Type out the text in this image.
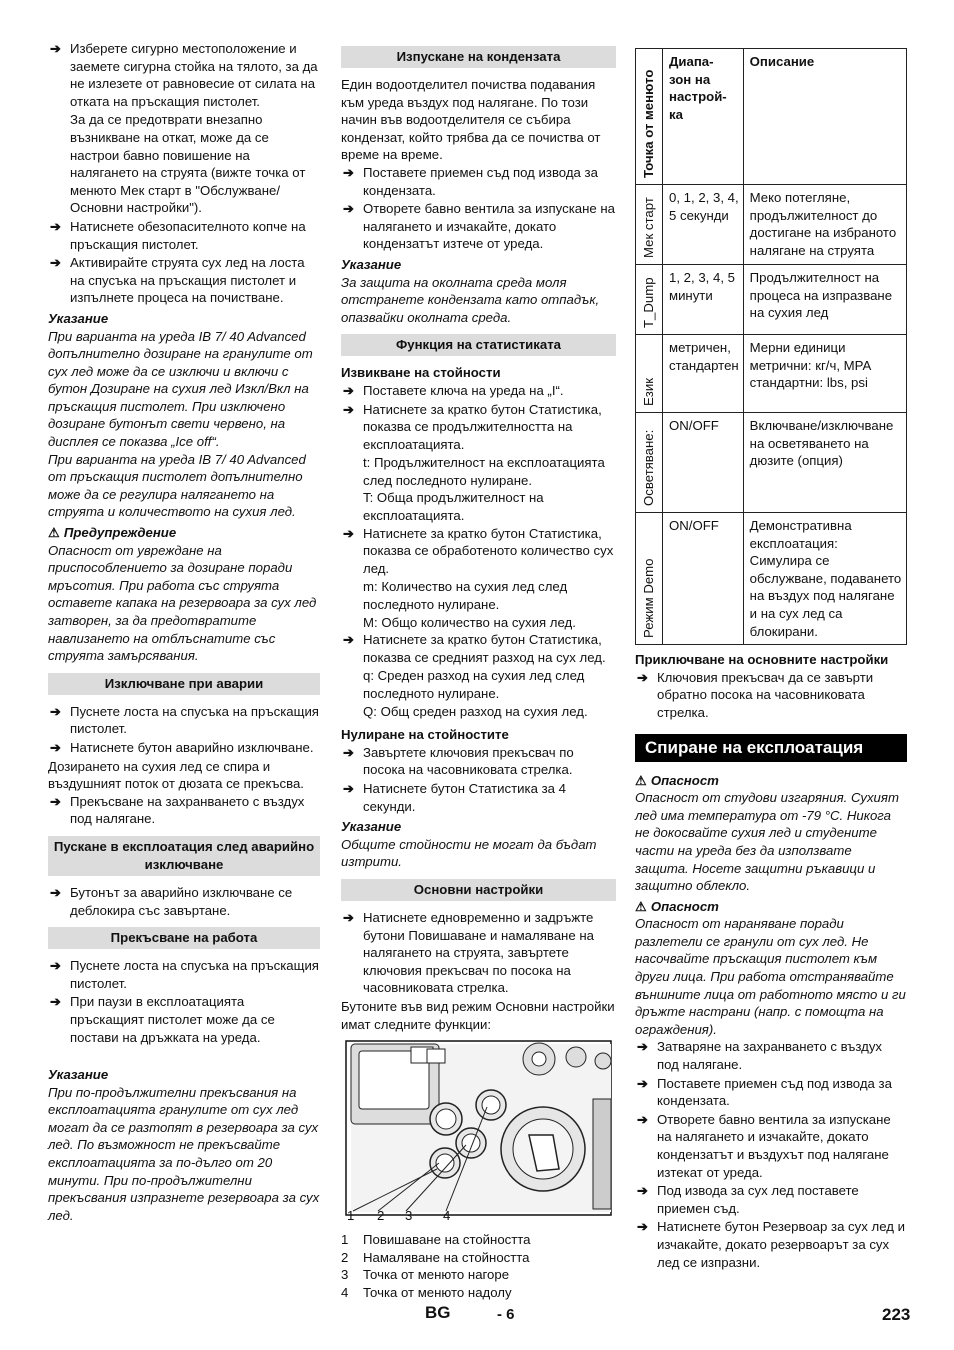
➔ Изберете сигурно местоположение и заемете сигурна стойка на тялото, за да не излезете от равновесие от силата на отката на пръскащия пистолет.
За да се предотврати внезапно възникване на откат, може да се настрои бавно повишение на налягането на струята (вижте точка от менюто Мек старт в "Обслужване/Основни настройки").
➔ Натиснете обезопасителното копче на пръскащия пистолет.
➔ Активирайте струята сух лед на лоста на спусъка на пръскащия пистолет и изпълнете процеса на почистване.
Указание
При варианта на уреда IB 7/ 40 Advanced допълнително дозиране на гранулите от сух лед може да се изключи и включи с бутон Дозиране на сухия лед Изкл/Вкл на пръскащия пистолет. При изключено дозиране бутонът свети червено, на дисплея се показва „Ice off“.
При варианта на уреда IB 7/ 40 Advanced от пръскащия пистолет допълнително може да се регулира налягането на струята и количеството на сухия лед.
⚠ Предупреждение
Опасност от увреждане на приспособлението за дозиране поради мръсотия. При работа със струята оставете капака на резервоара за сух лед затворен, за да предотвратите навлизането на отблъснатите със струята замърсявания.
Изключване при аварии
➔ Пуснете лоста на спусъка на пръскащия пистолет.
➔ Натиснете бутон аварийно изключване.
Дозирането на сухия лед се спира и въздушният поток от дюзата се прекъсва.
➔ Прекъсване на захранването с въздух под налягане.
Пускане в експлоатация след аварийно изключване
➔ Бутонът за аварийно изключване се деблокира със завъртане.
Прекъсване на работа
➔ Пуснете лоста на спусъка на пръскащия пистолет.
➔ При паузи в експлоатацията пръскащият пистолет може да се постави на дръжката на уреда.
Указание
При по-продължителни прекъсвания на експлоатацията гранулите от сух лед могат да се разтопят в резервоара за сух лед. По възможност не прекъсвайте експлоатацията за по-дълго от 20 минути. При по-продължителни прекъсвания изпразнете резервоара за сух лед.
Изпускане на кондензата
Един водоотделител почиства подавания към уреда въздух под налягане. По този начин във водоотделителя се събира кондензат, който трябва да се почиства от време на време.
➔ Поставете приемен съд под извода за кондензата.
➔ Отворете бавно вентила за изпускане на налягането и изчакайте, докато кондензатът изтече от уреда.
Указание
За защита на околната среда моля отстранете кондензата като отпадък, опазвайки околната среда.
Функция на статистиката
Извикване на стойности
➔ Поставете ключа на уреда на „I“.
➔ Натиснете за кратко бутон Статистика, показва се продължителността на експлоатацията.
t: Продължителност на експлоатацията след последното нулиране.
T: Обща продължителност на експлоатацията.
➔ Натиснете за кратко бутон Статистика, показва се обработеното количество сух лед.
m: Количество на сухия лед след последното нулиране.
M: Общо количество на сухия лед.
➔ Натиснете за кратко бутон Статистика, показва се средният разход на сух лед.
q: Среден разход на сухия лед след последното нулиране.
Q: Общ среден разход на сухия лед.
Нулиране на стойностите
➔ Завъртете ключовия прекъсвач по посока на часовниковата стрелка.
➔ Натиснете бутон Статистика за 4 секунди.
Указание
Общите стойности не могат да бъдат изтрити.
Основни настройки
➔ Натиснете едновременно и задръжте бутони Повишаване и намаляване на налягането на струята, завъртете ключовия прекъсвач по посока на часовниковата стрелка.
Бутоните във вид режим Основни настройки имат следните функции:
1 2 3 4
1 Повишаване на стойността
2 Намаляване на стойността
3 Точка от менюто нагоре
4 Точка от менюто надолу
Точка от менюто	Диапа-
зон на
настрой-
ка	Описание

Мек старт	0, 1, 2, 3, 4, 5 секунди	Меко потегляне, продължителност до достигане на избраното налягане на струята

T_Dump	1, 2, 3, 4, 5 минути	Продължителност на процеса на изпразване на сухия лед

Език	метричен, стандартен	Мерни единици метрични: кг/ч, MPA стандартни: lbs, psi

Осветяване:	ON/OFF	Включване/изключване на осветяването на дюзите (опция)

Режим Demo	ON/OFF	Демонстративна експлоатация: Симулира се обслужване, подаването на въздух под налягане и на сух лед са блокирани.
Приключване на основните настройки
➔ Ключовия прекъсвач да се завърти обратно посока на часовниковата стрелка.
Спиране на експлоатация
⚠ Опасност
Опасност от студови изгаряния. Сухият лед има температура от -79 °C. Никога не докосвайте сухия лед и студените части на уреда без да използвате защита. Носете защитни ръкавици и защитно облекло.
⚠ Опасност
Опасност от нараняване поради разлетели се гранули от сух лед. Не насочвайте пръскащия пистолет към други лица. При работа отстранявайте външните лица от работното място и ги дръжте настрани (напр. с помощта на ограждения).
➔ Затваряне на захранването с въздух под налягане.
➔ Поставете приемен съд под извода за кондензата.
➔ Отворете бавно вентила за изпускане на налягането и изчакайте, докато кондензатът и въздухът под налягане изтекат от уреда.
➔ Под извода за сух лед поставете приемен съд.
➔ Натиснете бутон Резервоар за сух лед и изчакайте, докато резервоарът за сух лед се изпразни.
BG	- 6	223
